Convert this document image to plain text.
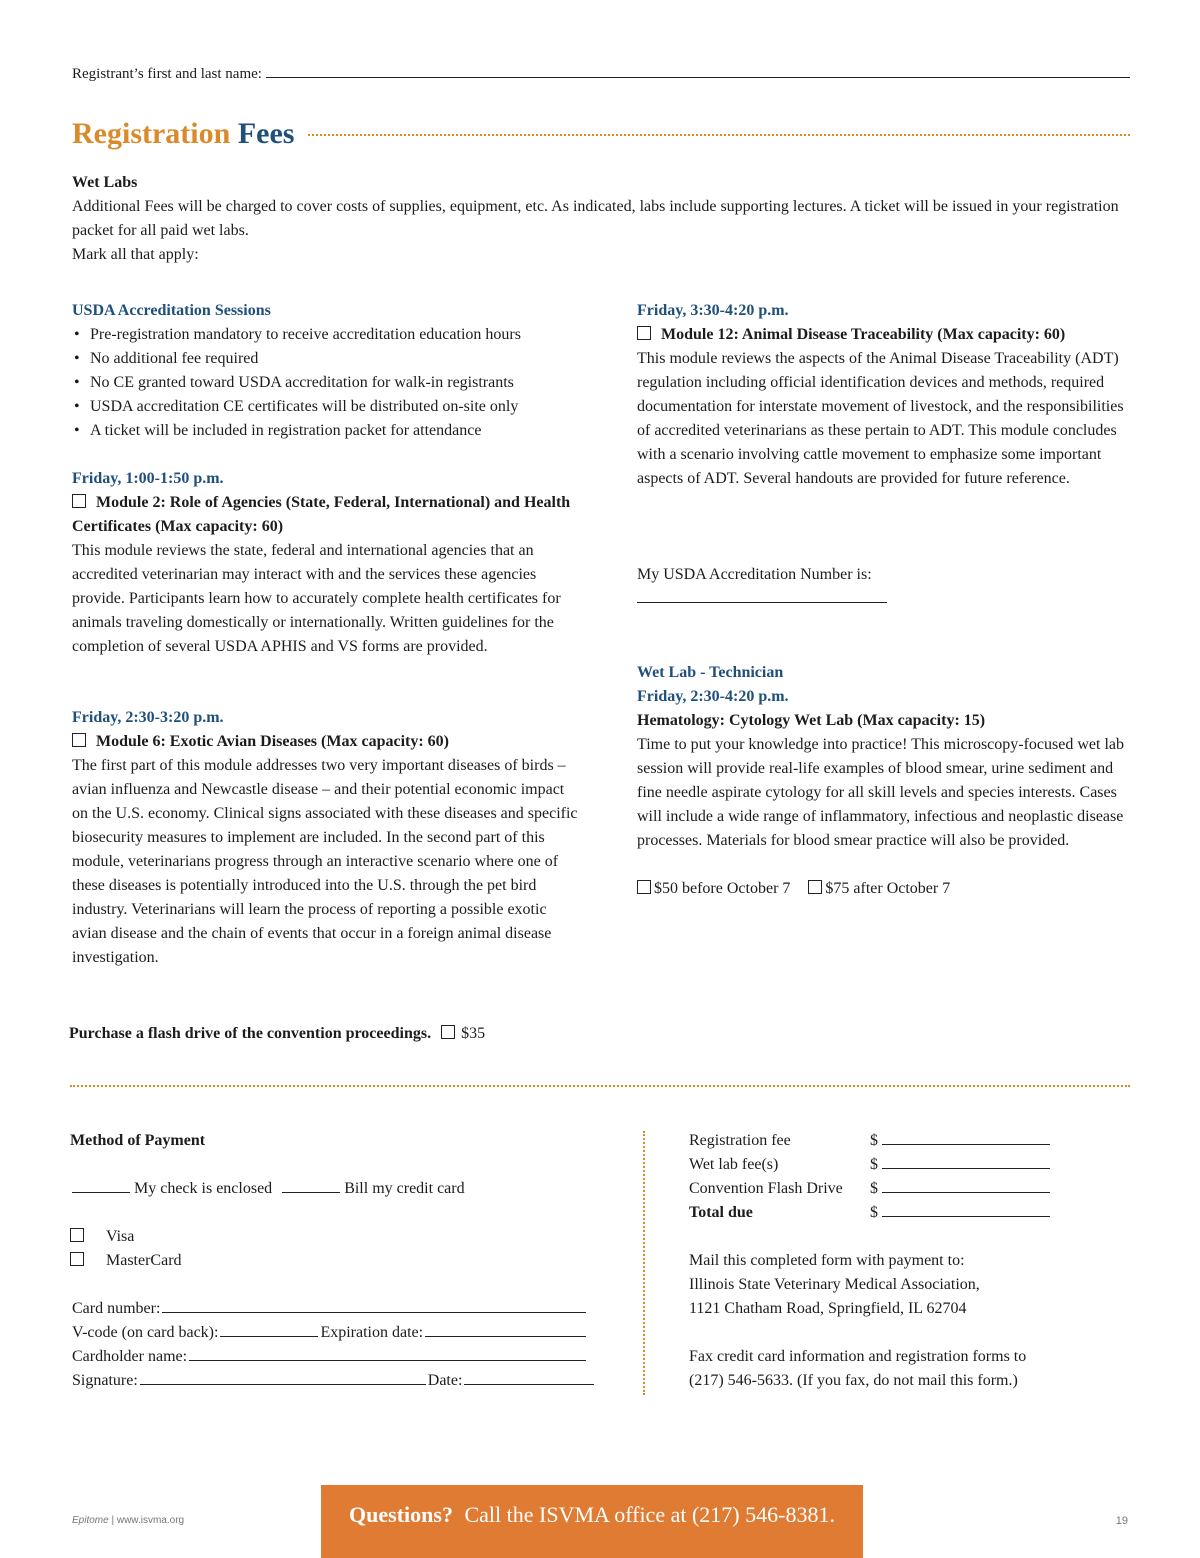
Registrant’s first and last name:
Registration Fees
Wet Labs
Additional Fees will be charged to cover costs of supplies, equipment, etc. As indicated, labs include supporting lectures. A ticket will be issued in your registration packet for all paid wet labs.
Mark all that apply:
USDA Accreditation Sessions
• Pre-registration mandatory to receive accreditation education hours
• No additional fee required
• No CE granted toward USDA accreditation for walk-in registrants
• USDA accreditation CE certificates will be distributed on-site only
• A ticket will be included in registration packet for attendance
Friday, 1:00-1:50 p.m.
Module 2: Role of Agencies (State, Federal, International) and Health Certificates (Max capacity: 60)
This module reviews the state, federal and international agencies that an accredited veterinarian may interact with and the services these agencies provide. Participants learn how to accurately complete health certificates for animals traveling domestically or internationally. Written guidelines for the completion of several USDA APHIS and VS forms are provided.
Friday, 2:30-3:20 p.m.
Module 6: Exotic Avian Diseases (Max capacity: 60)
The first part of this module addresses two very important diseases of birds – avian influenza and Newcastle disease – and their potential economic impact on the U.S. economy. Clinical signs associated with these diseases and specific biosecurity measures to implement are included. In the second part of this module, veterinarians progress through an interactive scenario where one of these diseases is potentially introduced into the U.S. through the pet bird industry. Veterinarians will learn the process of reporting a possible exotic avian disease and the chain of events that occur in a foreign animal disease investigation.
Friday, 3:30-4:20 p.m.
Module 12: Animal Disease Traceability (Max capacity: 60)
This module reviews the aspects of the Animal Disease Traceability (ADT) regulation including official identification devices and methods, required documentation for interstate movement of livestock, and the responsibilities of accredited veterinarians as these pertain to ADT. This module concludes with a scenario involving cattle movement to emphasize some important aspects of ADT. Several handouts are provided for future reference.
My USDA Accreditation Number is:
Wet Lab - Technician
Friday, 2:30-4:20 p.m.
Hematology: Cytology Wet Lab (Max capacity: 15)
Time to put your knowledge into practice! This microscopy-focused wet lab session will provide real-life examples of blood smear, urine sediment and fine needle aspirate cytology for all skill levels and species interests. Cases will include a wide range of inflammatory, infectious and neoplastic disease processes. Materials for blood smear practice will also be provided.
$50 before October 7 $75 after October 7
Purchase a flash drive of the convention proceedings. $35
Method of Payment
My check is enclosed	Bill my credit card
Visa
MasterCard
Card number:
V-code (on card back):	Expiration date:
Cardholder name:
Signature:	Date:
Registration fee	$
Wet lab fee(s)	$
Convention Flash Drive	$
Total due	$
Mail this completed form with payment to:
Illinois State Veterinary Medical Association,
1121 Chatham Road, Springfield, IL 62704
Fax credit card information and registration forms to
(217) 546-5633. (If you fax, do not mail this form.)
Epitome | www.isvma.org	Questions? Call the ISVMA office at (217) 546-8381.	19
